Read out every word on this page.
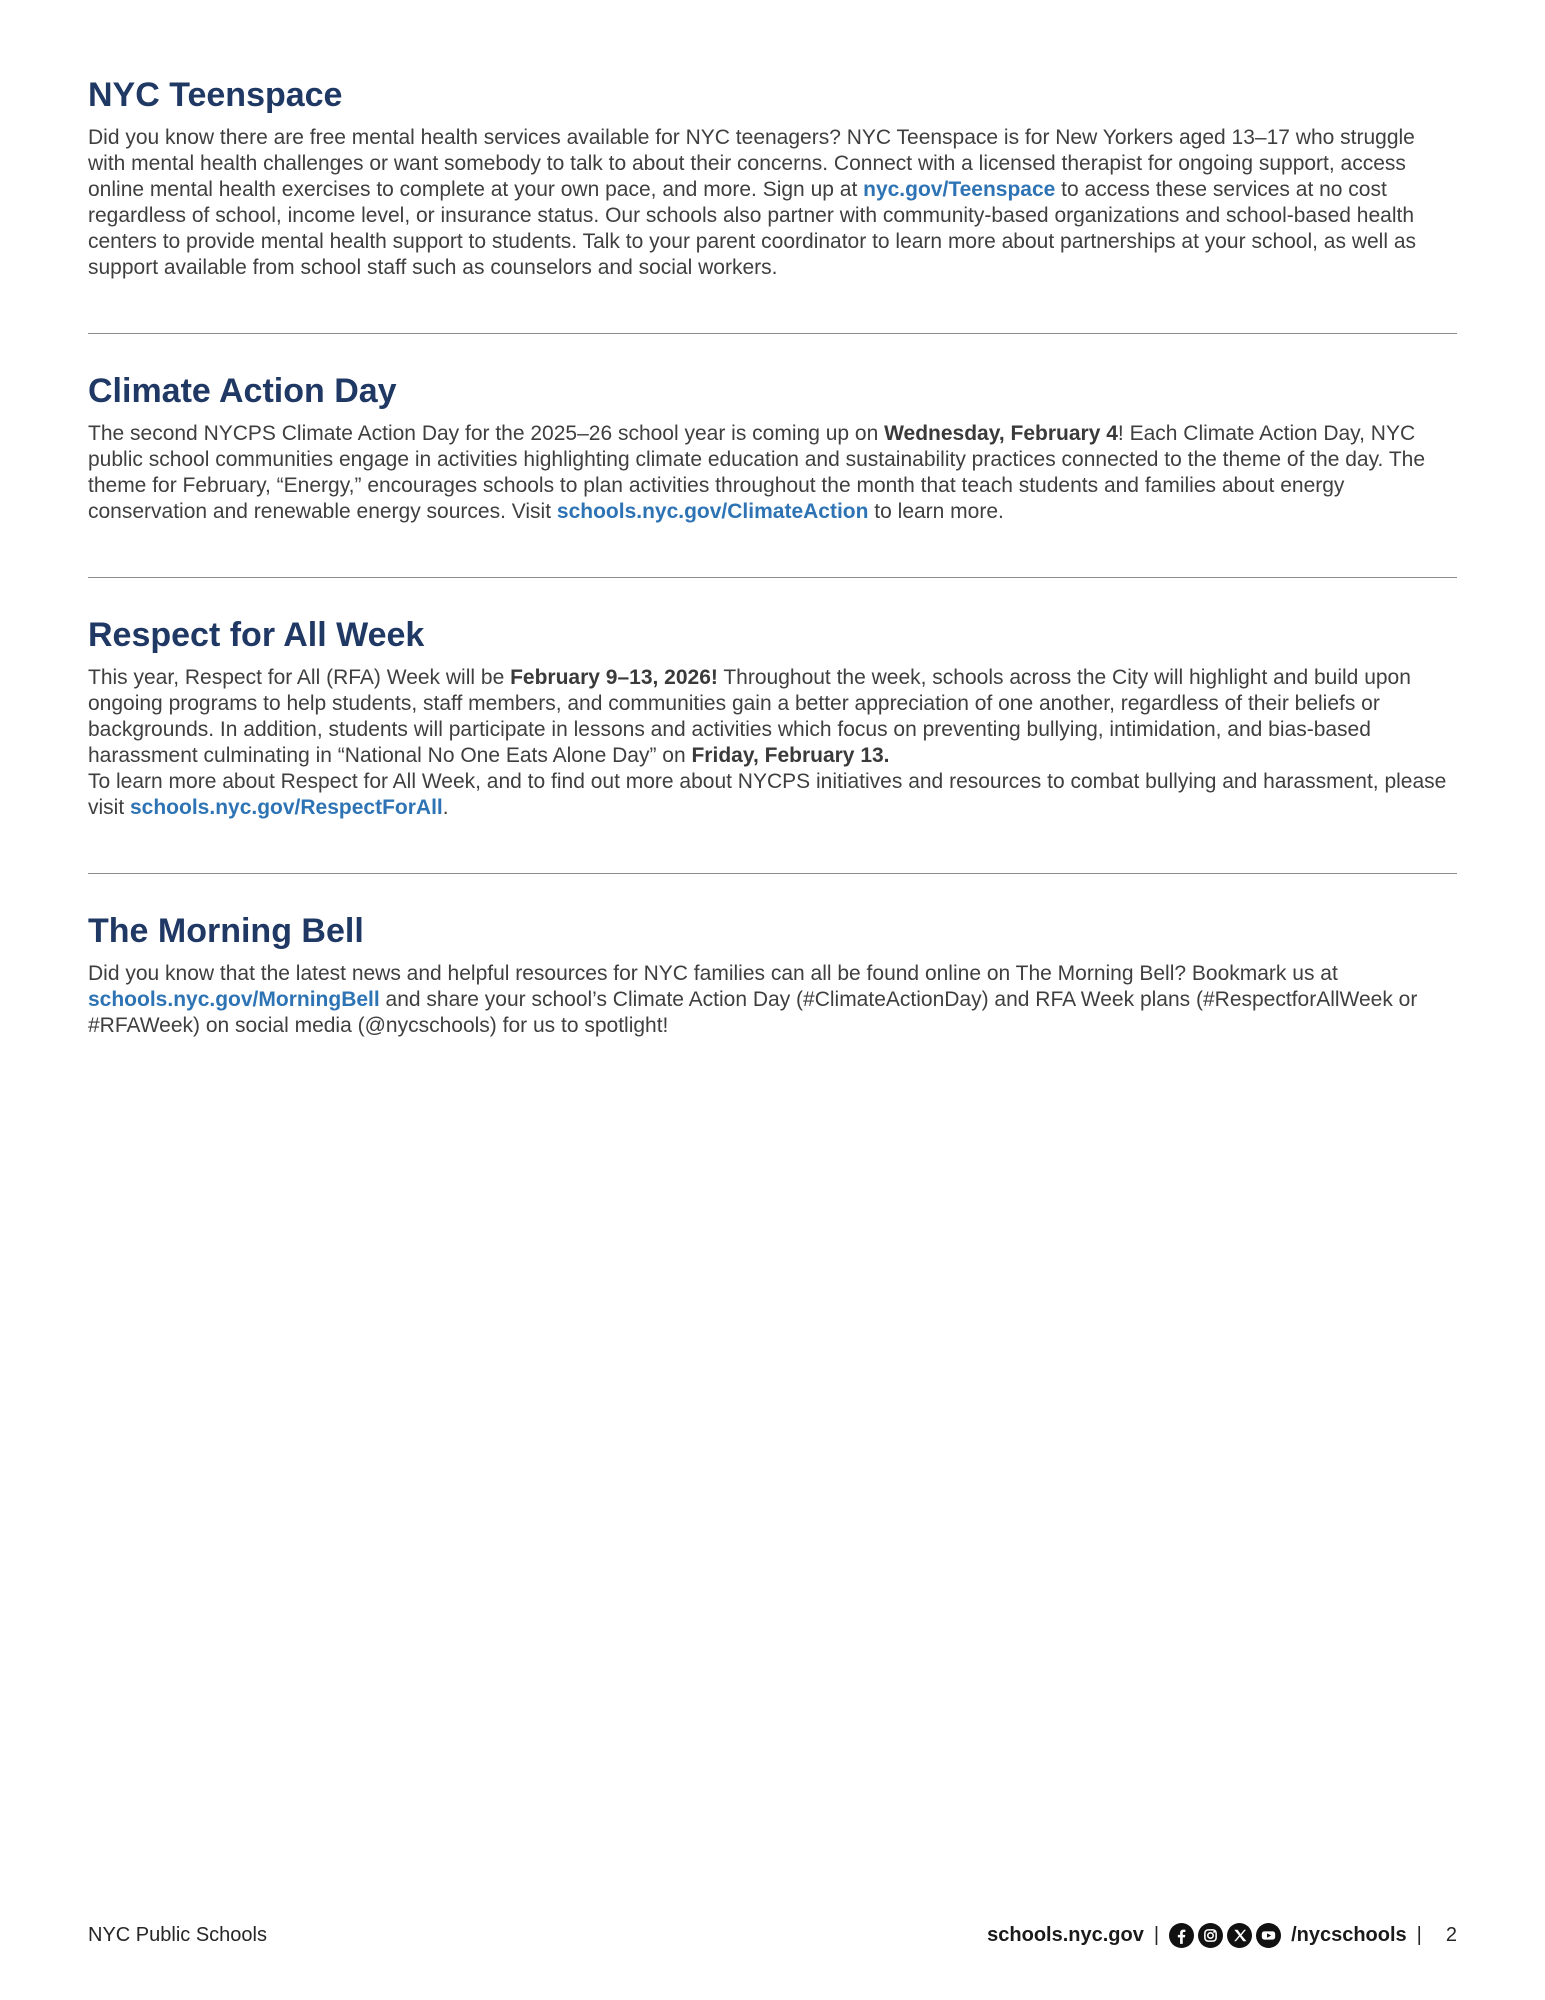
NYC Teenspace

Did you know there are free mental health services available for NYC teenagers? NYC Teenspace is for New Yorkers aged 13–17 who struggle with mental health challenges or want somebody to talk to about their concerns. Connect with a licensed therapist for ongoing support, access online mental health exercises to complete at your own pace, and more. Sign up at nyc.gov/Teenspace to access these services at no cost regardless of school, income level, or insurance status. Our schools also partner with community-based organizations and school-based health centers to provide mental health support to students. Talk to your parent coordinator to learn more about partnerships at your school, as well as support available from school staff such as counselors and social workers.

Climate Action Day

The second NYCPS Climate Action Day for the 2025–26 school year is coming up on Wednesday, February 4! Each Climate Action Day, NYC public school communities engage in activities highlighting climate education and sustainability practices connected to the theme of the day. The theme for February, “Energy,” encourages schools to plan activities throughout the month that teach students and families about energy conservation and renewable energy sources. Visit schools.nyc.gov/ClimateAction to learn more.

Respect for All Week

This year, Respect for All (RFA) Week will be February 9–13, 2026! Throughout the week, schools across the City will highlight and build upon ongoing programs to help students, staff members, and communities gain a better appreciation of one another, regardless of their beliefs or backgrounds. In addition, students will participate in lessons and activities which focus on preventing bullying, intimidation, and bias-based harassment culminating in “National No One Eats Alone Day” on Friday, February 13.

To learn more about Respect for All Week, and to find out more about NYCPS initiatives and resources to combat bullying and harassment, please visit schools.nyc.gov/RespectForAll.

The Morning Bell

Did you know that the latest news and helpful resources for NYC families can all be found online on The Morning Bell? Bookmark us at schools.nyc.gov/MorningBell and share your school’s Climate Action Day (#ClimateActionDay) and RFA Week plans (#RespectforAllWeek or #RFAWeek) on social media (@nycschools) for us to spotlight!

NYC Public Schools	schools.nyc.gov |	/nycschools | 2
